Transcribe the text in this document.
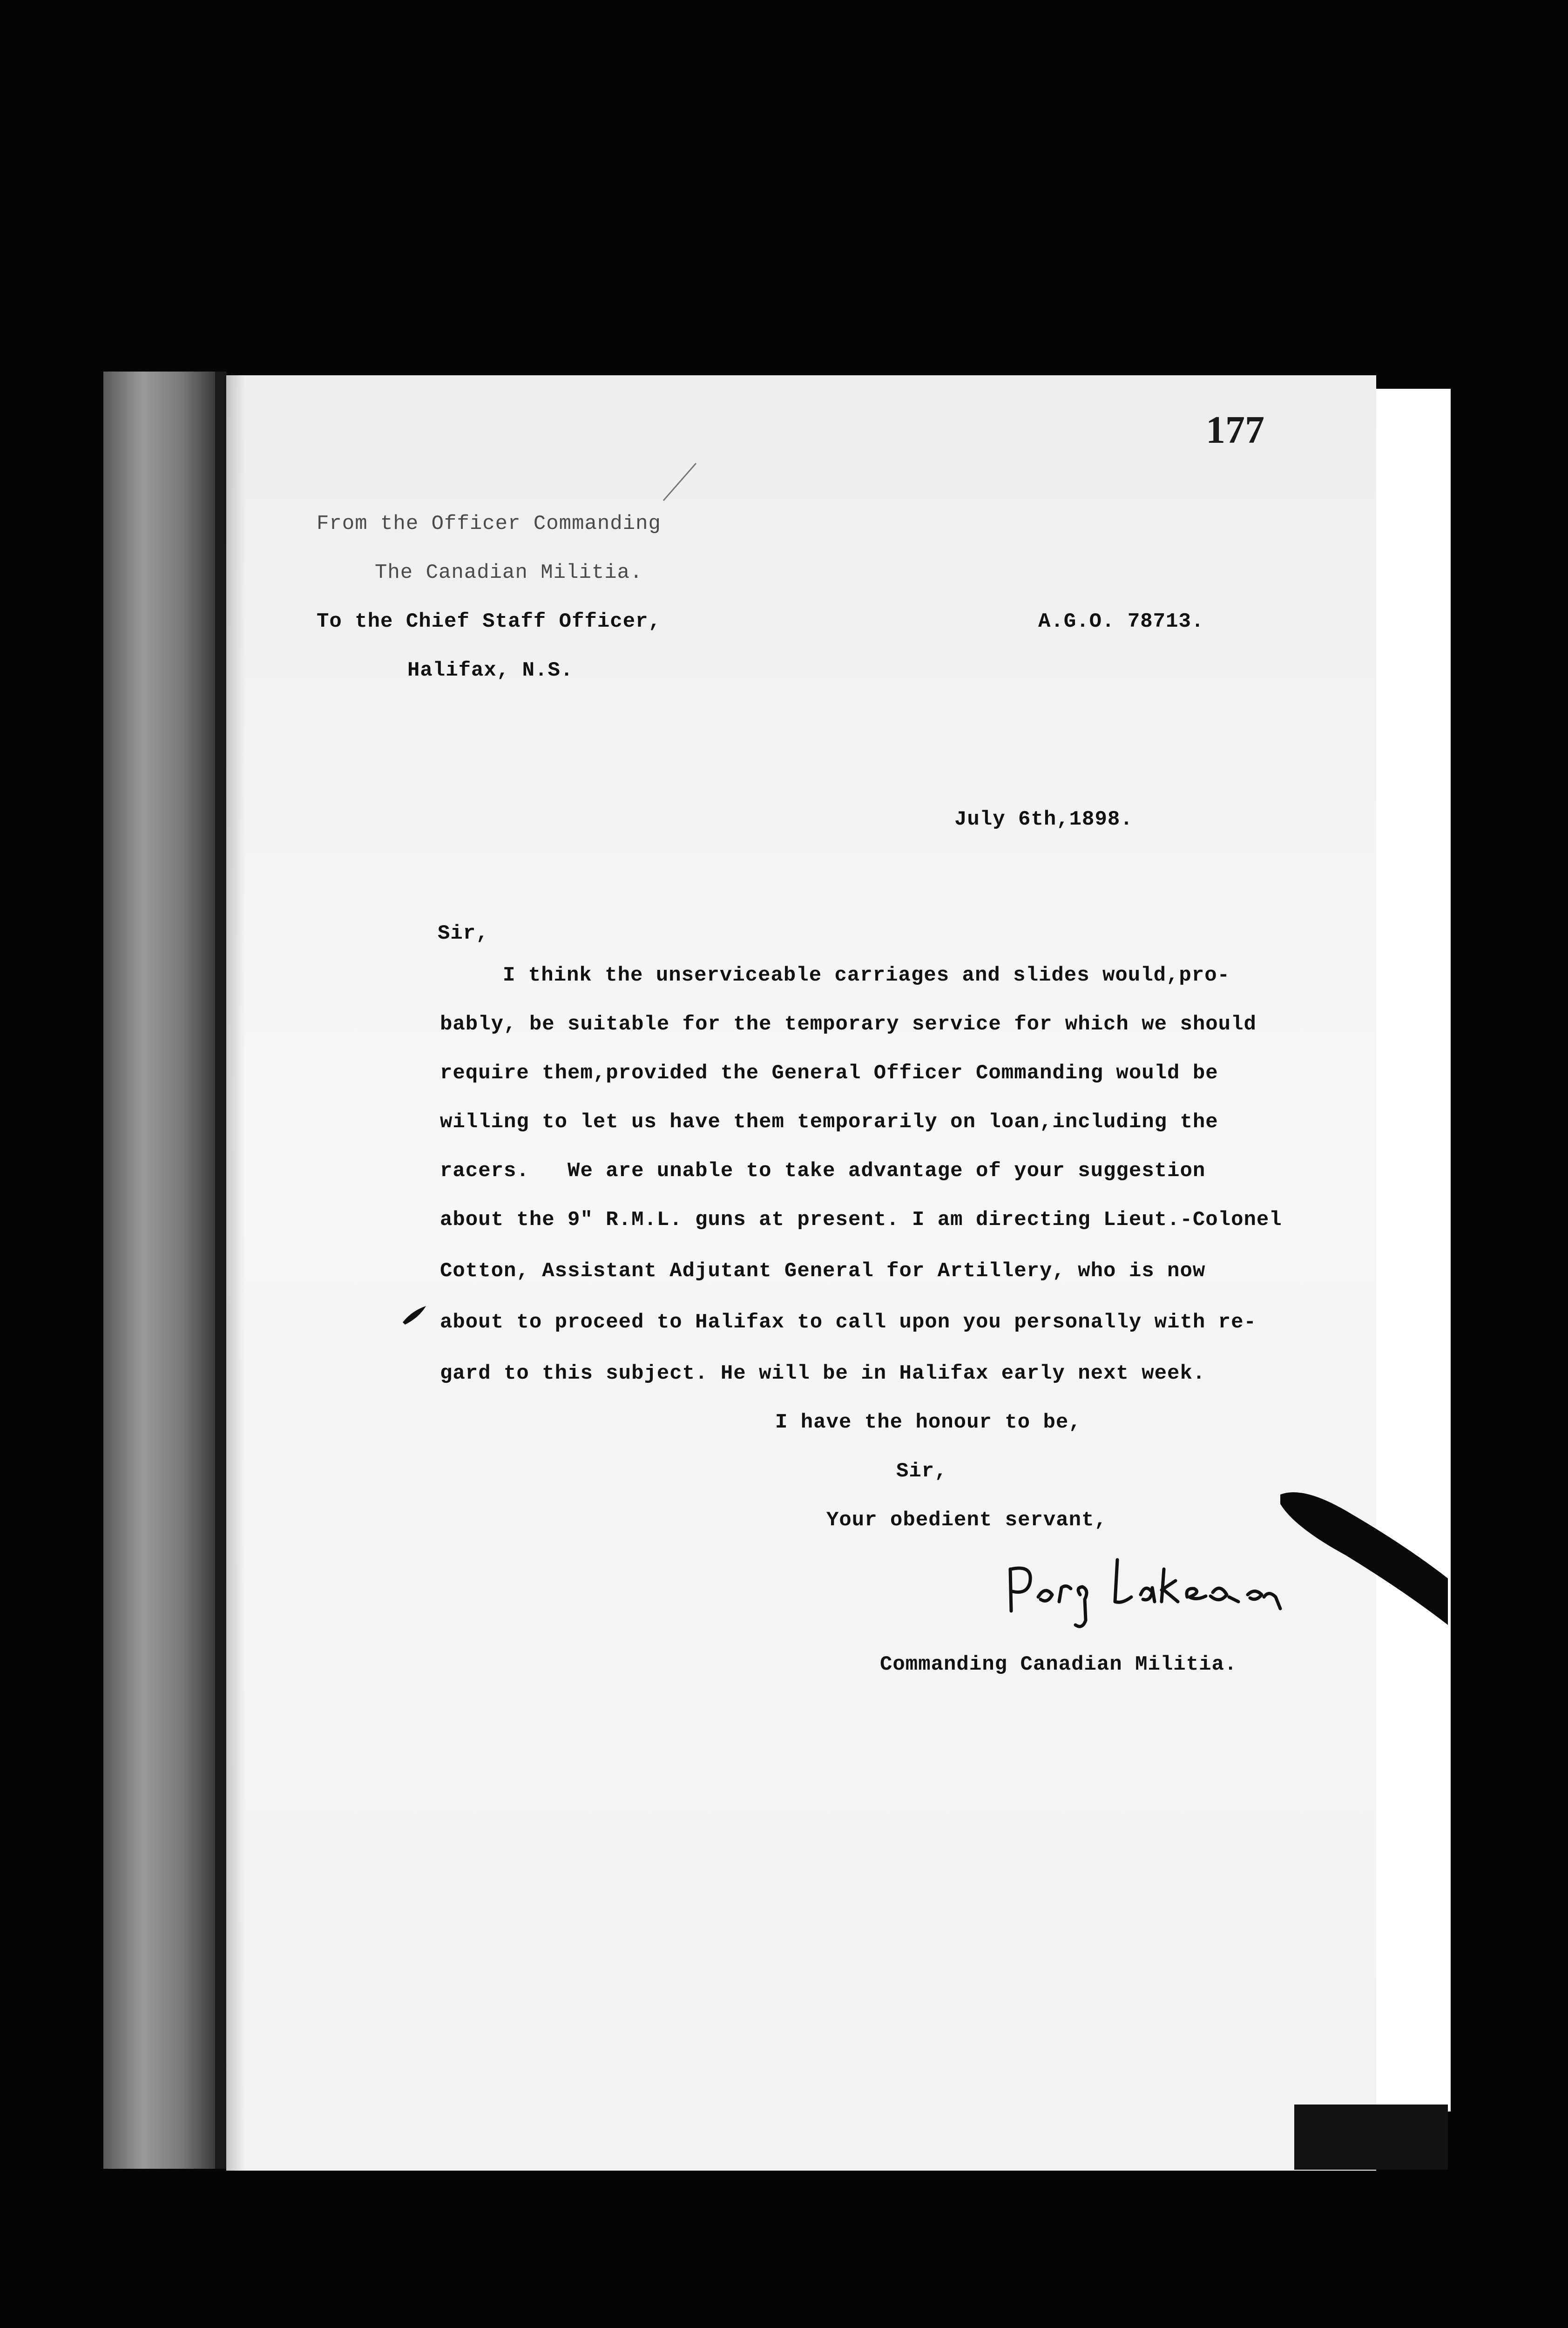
177
From the Officer Commanding
The Canadian Militia.
To the Chief Staff Officer,
Halifax, N.S.
A.G.O. 78713.
July 6th,1898.
Sir,
I think the unserviceable carriages and slides would,pro-
bably, be suitable for the temporary service for which we should
require them,provided the General Officer Commanding would be
willing to let us have them temporarily on loan,including the
racers.   We are unable to take advantage of your suggestion
about the 9" R.M.L. guns at present. I am directing Lieut.-Colonel
Cotton, Assistant Adjutant General for Artillery, who is now
about to proceed to Halifax to call upon you personally with re-
gard to this subject. He will be in Halifax early next week.
I have the honour to be,
Sir,
Your obedient servant,
Commanding Canadian Militia.
